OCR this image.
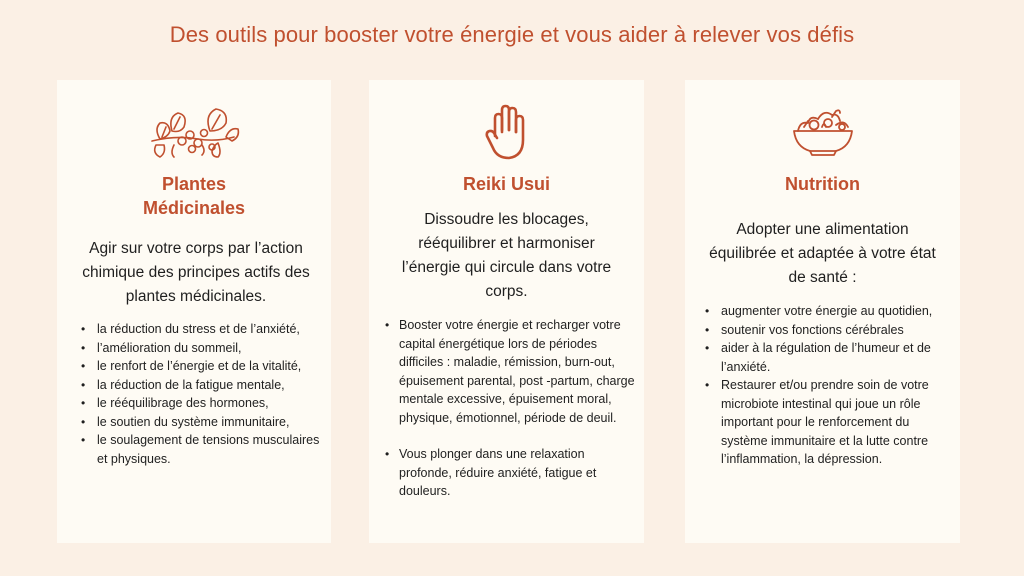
Des outils pour booster votre énergie et vous aider à relever vos défis
Plantes
Médicinales
Agir sur votre corps par l’action chimique des principes actifs des plantes médicinales.
• la réduction du stress et de l’anxiété,
• l’amélioration du sommeil,
• le renfort de l’énergie et de la vitalité,
• la réduction de la fatigue mentale,
• le rééquilibrage des hormones,
• le soutien du système immunitaire,
• le soulagement de tensions musculaires et physiques.
Reiki Usui
Dissoudre les blocages, rééquilibrer et harmoniser l’énergie qui circule dans votre corps.
• Booster votre énergie et recharger votre capital énergétique lors de périodes difficiles : maladie, rémission, burn-out, épuisement parental, post -partum, charge mentale excessive, épuisement moral, physique, émotionnel, période de deuil.
• Vous plonger dans une relaxation profonde, réduire anxiété, fatigue et douleurs.
Nutrition
Adopter une alimentation équilibrée et adaptée à votre état de santé :
• augmenter votre énergie au quotidien,
• soutenir vos fonctions cérébrales
• aider à la régulation de l’humeur et de l’anxiété.
• Restaurer et/ou prendre soin de votre microbiote intestinal qui joue un rôle important pour le renforcement du système immunitaire et la lutte contre l’inflammation, la dépression.
